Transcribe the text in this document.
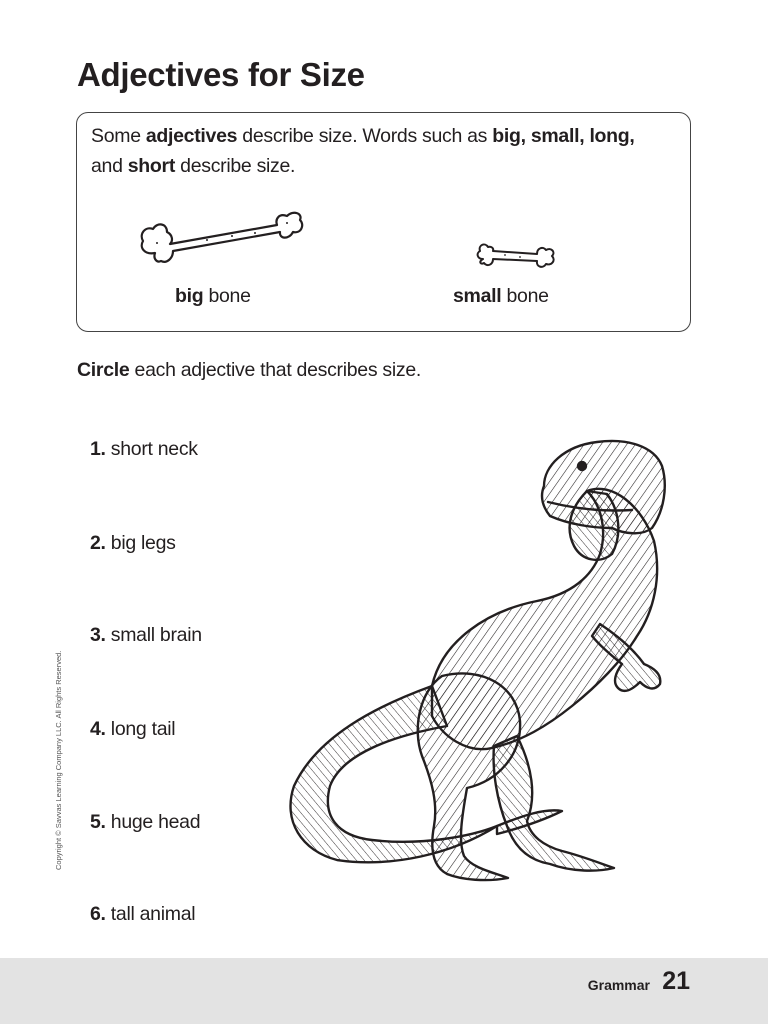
Adjectives for Size
Some adjectives describe size. Words such as big, small, long,
and short describe size.
big bone	small bone
Circle each adjective that describes size.
1. short neck
2. big legs
3. small brain
4. long tail
5. huge head
6. tall animal
Copyright © Savvas Learning Company LLC. All Rights Reserved.
Grammar 21
